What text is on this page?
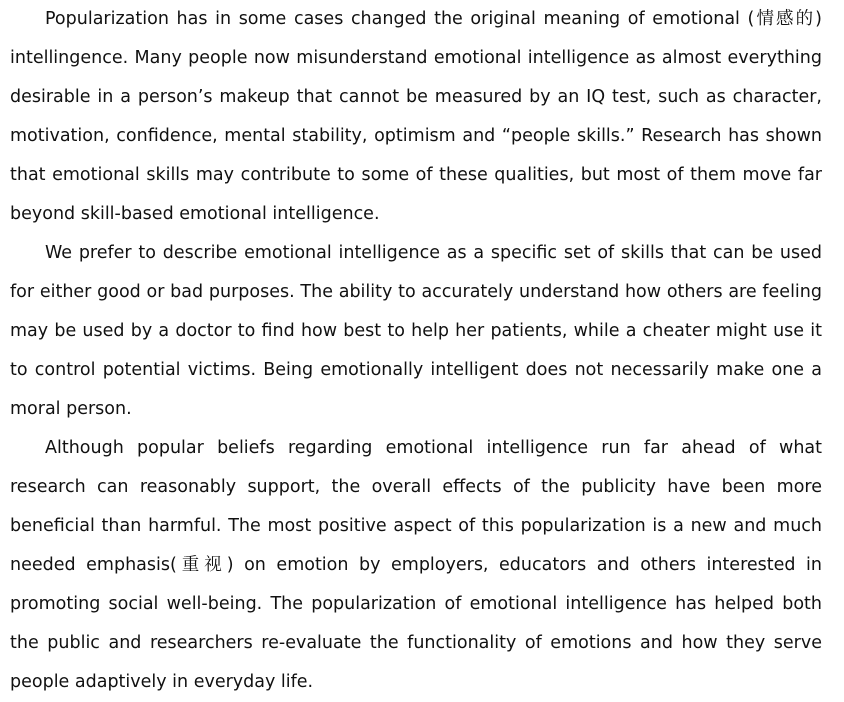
Popularization has in some cases changed the original meaning of emotional (情感的) intellingence. Many people now misunderstand emotional intelligence as almost everything desirable in a person’s makeup that cannot be measured by an IQ test, such as character, motivation, confidence, mental stability, optimism and “people skills.” Research has shown that emotional skills may contribute to some of these qualities, but most of them move far beyond skill-based emotional intelligence.

We prefer to describe emotional intelligence as a specific set of skills that can be used for either good or bad purposes. The ability to accurately understand how others are feeling may be used by a doctor to find how best to help her patients, while a cheater might use it to control potential victims. Being emotionally intelligent does not necessarily make one a moral person.

Although popular beliefs regarding emotional intelligence run far ahead of what research can reasonably support, the overall effects of the publicity have been more beneficial than harmful. The most positive aspect of this popularization is a new and much needed emphasis(重视) on emotion by employers, educators and others interested in promoting social well-being. The popularization of emotional intelligence has helped both the public and researchers re-evaluate the functionality of emotions and how they serve people adaptively in everyday life.
